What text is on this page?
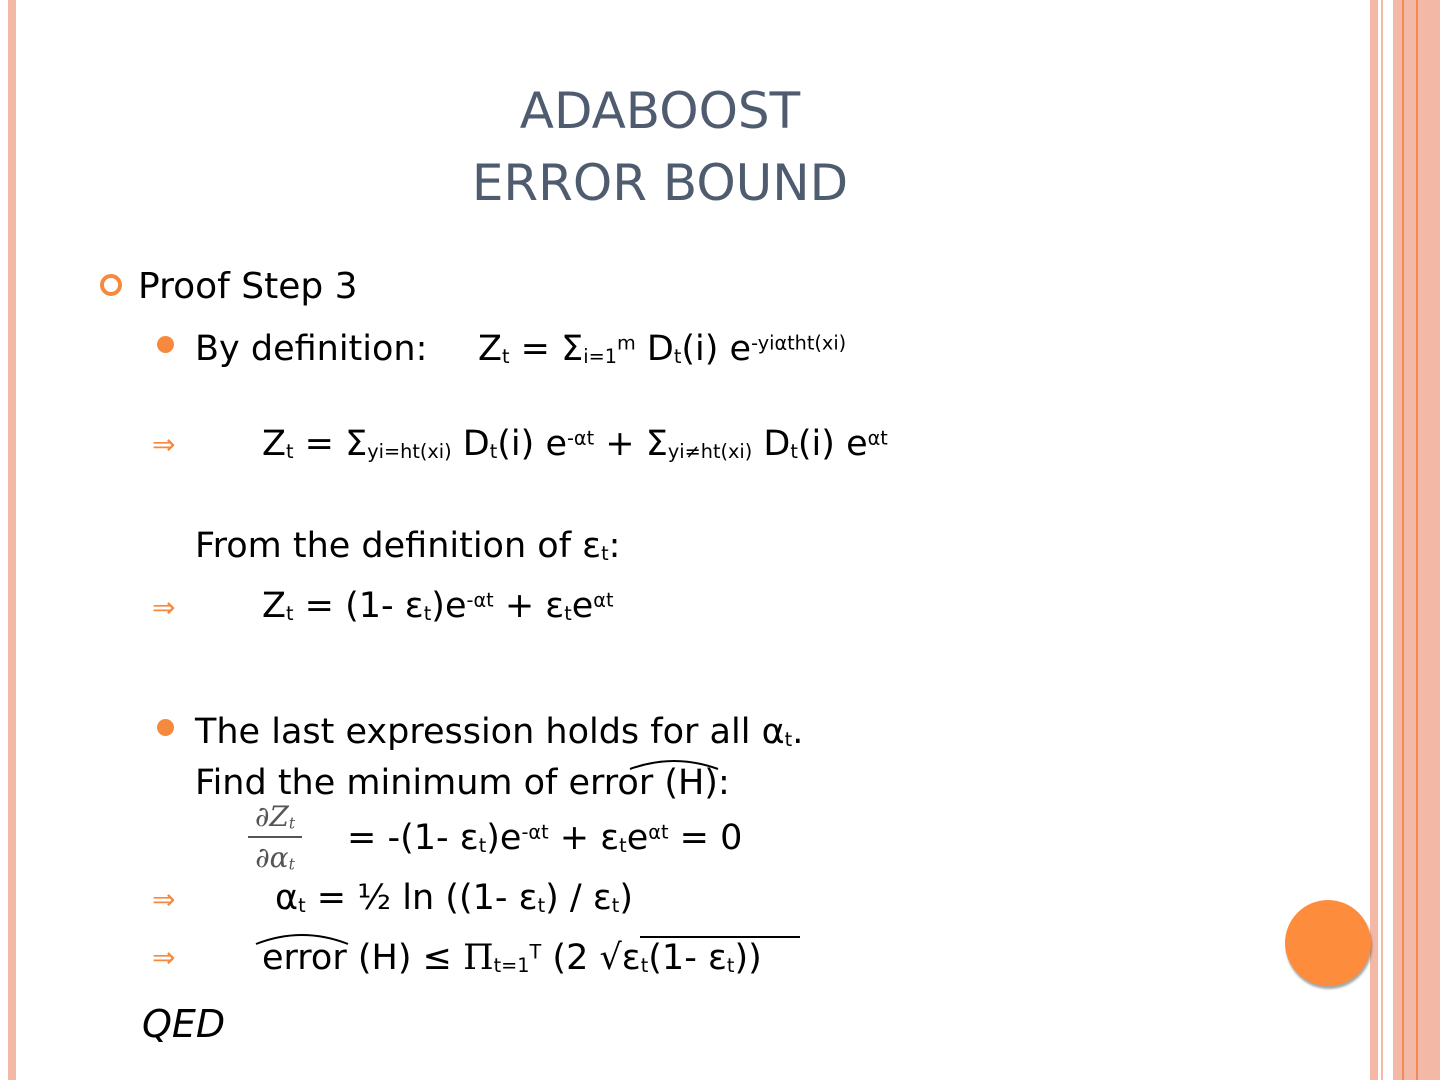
ADABOOST
ERROR BOUND
Proof Step 3
By definition: $Zt = \Sigma i=1^m$ Dt(i) $e^{-yi\alpha tht(xi)}$
⇒ Zt = Σyi=ht(xi) Dt(i) $e^{-\alpha t} + \Sigma yi\ne ht(xi)$ Dt(i) $e^{\alpha t}$
From the definition of εt:
⇒ Zt = (1- $\varepsilon t)e^{-\alpha t} + \varepsilon te^{\alpha t}$
The last expression holds for all αt.
Find the minimum of error (H):
∂Zt
∂αt
= -(1- $\varepsilon t)e^{-\alpha t} + \varepsilon te^{\alpha t} = 0$
⇒	αt = ½ ln ((1- εt) / εt)
⇒ error $(H) \le \Pi t=1^T$ (2 √εt(1- εt))
QED
